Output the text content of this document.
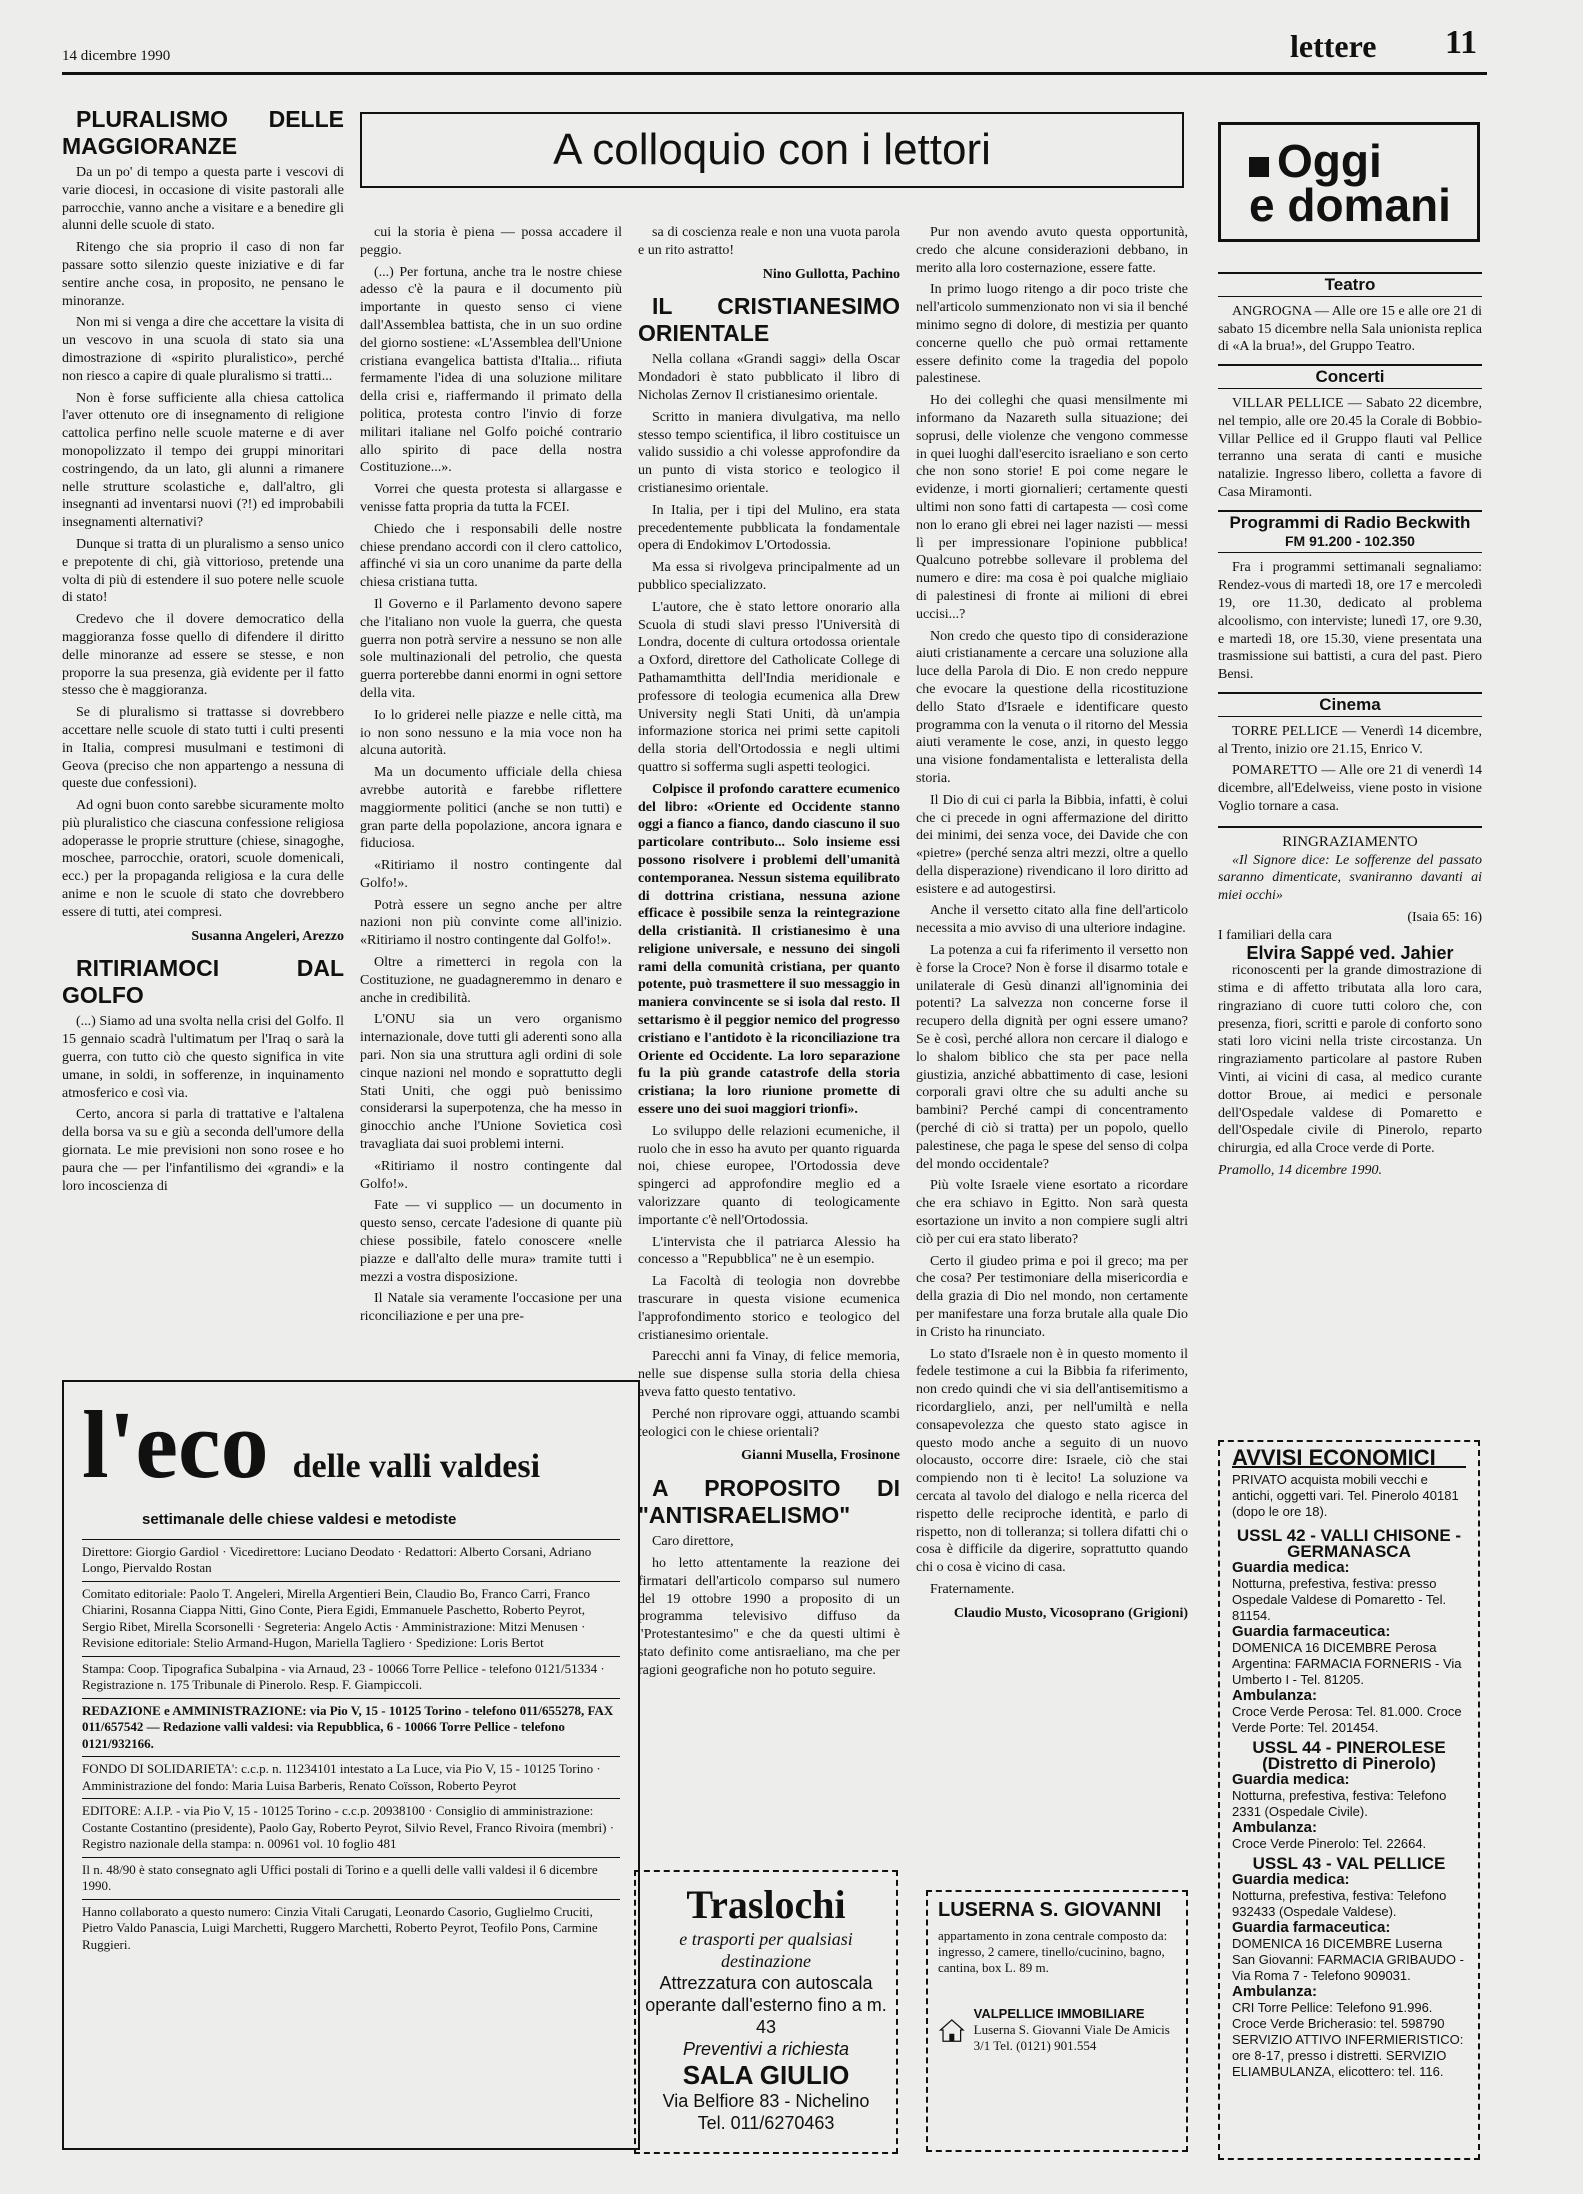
14 dicembre 1990	lettere 11
A colloquio con i lettori

PLURALISMO DELLE MAGGIORANZE

Da un po' di tempo a questa parte i vescovi di varie diocesi, in occasione di visite pastorali alle parrocchie, vanno anche a visitare e a benedire gli alunni delle scuole di stato.

Ritengo che sia proprio il caso di non far passare sotto silenzio queste iniziative e di far sentire anche cosa, in proposito, ne pensano le minoranze.

Non mi si venga a dire che accettare la visita di un vescovo in una scuola di stato sia una dimostrazione di «spirito pluralistico», perché non riesco a capire di quale pluralismo si tratti...

Non è forse sufficiente alla chiesa cattolica l'aver ottenuto ore di insegnamento di religione cattolica perfino nelle scuole materne e di aver monopolizzato il tempo dei gruppi minoritari costringendo, da un lato, gli alunni a rimanere nelle strutture scolastiche e, dall'altro, gli insegnanti ad inventarsi nuovi (?!) ed improbabili insegnamenti alternativi?

Dunque si tratta di un pluralismo a senso unico e prepotente di chi, già vittorioso, pretende una volta di più di estendere il suo potere nelle scuole di stato!

Credevo che il dovere democratico della maggioranza fosse quello di difendere il diritto delle minoranze ad essere se stesse, e non proporre la sua presenza, già evidente per il fatto stesso che è maggioranza.

Se di pluralismo si trattasse si dovrebbero accettare nelle scuole di stato tutti i culti presenti in Italia, compresi musulmani e testimoni di Geova (preciso che non appartengo a nessuna di queste due confessioni).

Ad ogni buon conto sarebbe sicuramente molto più pluralistico che ciascuna confessione religiosa adoperasse le proprie strutture (chiese, sinagoghe, moschee, parrocchie, oratori, scuole domenicali, ecc.) per la propaganda religiosa e la cura delle anime e non le scuole di stato che dovrebbero essere di tutti, atei compresi.

Susanna Angeleri, Arezzo

RITIRIAMOCI DAL GOLFO

(...) Siamo ad una svolta nella crisi del Golfo. Il 15 gennaio scadrà l'ultimatum per l'Iraq o sarà la guerra, con tutto ciò che questo significa in vite umane, in soldi, in sofferenze, in inquinamento atmosferico e così via.

Certo, ancora si parla di trattative e l'altalena della borsa va su e giù a seconda dell'umore della giornata. Le mie previsioni non sono rosee e ho paura che — per l'infantilismo dei «grandi» e la loro incoscienza di

cui la storia è piena — possa accadere il peggio.

(...) Per fortuna, anche tra le nostre chiese adesso c'è la paura e il documento più importante in questo senso ci viene dall'Assemblea battista, che in un suo ordine del giorno sostiene: «L'Assemblea dell'Unione cristiana evangelica battista d'Italia... rifiuta fermamente l'idea di una soluzione militare della crisi e, riaffermando il primato della politica, protesta contro l'invio di forze militari italiane nel Golfo poiché contrario allo spirito di pace della nostra Costituzione...».

Vorrei che questa protesta si allargasse e venisse fatta propria da tutta la FCEI.

Chiedo che i responsabili delle nostre chiese prendano accordi con il clero cattolico, affinché vi sia un coro unanime da parte della chiesa cristiana tutta.

Il Governo e il Parlamento devono sapere che l'italiano non vuole la guerra, che questa guerra non potrà servire a nessuno se non alle sole multinazionali del petrolio, che questa guerra porterebbe danni enormi in ogni settore della vita.

Io lo griderei nelle piazze e nelle città, ma io non sono nessuno e la mia voce non ha alcuna autorità.

Ma un documento ufficiale della chiesa avrebbe autorità e farebbe riflettere maggiormente politici (anche se non tutti) e gran parte della popolazione, ancora ignara e fiduciosa.

«Ritiriamo il nostro contingente dal Golfo!».

Potrà essere un segno anche per altre nazioni non più convinte come all'inizio. «Ritiriamo il nostro contingente dal Golfo!».

Oltre a rimetterci in regola con la Costituzione, ne guadagneremmo in denaro e anche in credibilità.

L'ONU sia un vero organismo internazionale, dove tutti gli aderenti sono alla pari. Non sia una struttura agli ordini di sole cinque nazioni nel mondo e soprattutto degli Stati Uniti, che oggi può benissimo considerarsi la superpotenza, che ha messo in ginocchio anche l'Unione Sovietica così travagliata dai suoi problemi interni.

«Ritiriamo il nostro contingente dal Golfo!».

Fate — vi supplico — un documento in questo senso, cercate l'adesione di quante più chiese possibile, fatelo conoscere «nelle piazze e dall'alto delle mura» tramite tutti i mezzi a vostra disposizione.

Il Natale sia veramente l'occasione per una riconciliazione e per una pre-

sa di coscienza reale e non una vuota parola e un rito astratto!

Nino Gullotta, Pachino

IL CRISTIANESIMO ORIENTALE

Nella collana «Grandi saggi» della Oscar Mondadori è stato pubblicato il libro di Nicholas Zernov Il cristianesimo orientale.

Scritto in maniera divulgativa, ma nello stesso tempo scientifica, il libro costituisce un valido sussidio a chi volesse approfondire da un punto di vista storico e teologico il cristianesimo orientale.

In Italia, per i tipi del Mulino, era stata precedentemente pubblicata la fondamentale opera di Endokimov L'Ortodossia.

Ma essa si rivolgeva principalmente ad un pubblico specializzato.

L'autore, che è stato lettore onorario alla Scuola di studi slavi presso l'Università di Londra, docente di cultura ortodossa orientale a Oxford, direttore del Catholicate College di Pathamamthitta dell'India meridionale e professore di teologia ecumenica alla Drew University negli Stati Uniti, dà un'ampia informazione storica nei primi sette capitoli della storia dell'Ortodossia e negli ultimi quattro si sofferma sugli aspetti teologici.

Colpisce il profondo carattere ecumenico del libro: «Oriente ed Occidente stanno oggi a fianco a fianco, dando ciascuno il suo particolare contributo... Solo insieme essi possono risolvere i problemi dell'umanità contemporanea. Nessun sistema equilibrato di dottrina cristiana, nessuna azione efficace è possibile senza la reintegrazione della cristianità. Il cristianesimo è una religione universale, e nessuno dei singoli rami della comunità cristiana, per quanto potente, può trasmettere il suo messaggio in maniera convincente se si isola dal resto. Il settarismo è il peggior nemico del progresso cristiano e l'antidoto è la riconciliazione tra Oriente ed Occidente. La loro separazione fu la più grande catastrofe della storia cristiana; la loro riunione promette di essere uno dei suoi maggiori trionfi».

Lo sviluppo delle relazioni ecumeniche, il ruolo che in esso ha avuto per quanto riguarda noi, chiese europee, l'Ortodossia deve spingerci ad approfondire meglio ed a valorizzare quanto di teologicamente importante c'è nell'Ortodossia.

L'intervista che il patriarca Alessio ha concesso a "Repubblica" ne è un esempio.

La Facoltà di teologia non dovrebbe trascurare in questa visione ecumenica l'approfondimento storico e teologico del cristianesimo orientale.

Parecchi anni fa Vinay, di felice memoria, nelle sue dispense sulla storia della chiesa aveva fatto questo tentativo.

Perché non riprovare oggi, attuando scambi teologici con le chiese orientali?

Gianni Musella, Frosinone

A PROPOSITO DI "ANTISRAELISMO"

Caro direttore,

ho letto attentamente la reazione dei firmatari dell'articolo comparso sul numero del 19 ottobre 1990 a proposito di un programma televisivo diffuso da "Protestantesimo" e che da questi ultimi è stato definito come antisraeliano, ma che per ragioni geografiche non ho potuto seguire.

Pur non avendo avuto questa opportunità, credo che alcune considerazioni debbano, in merito alla loro costernazione, essere fatte.

In primo luogo ritengo a dir poco triste che nell'articolo summenzionato non vi sia il benché minimo segno di dolore, di mestizia per quanto concerne quello che può ormai rettamente essere definito come la tragedia del popolo palestinese.

Ho dei colleghi che quasi mensilmente mi informano da Nazareth sulla situazione; dei soprusi, delle violenze che vengono commesse in quei luoghi dall'esercito israeliano e son certo che non sono storie! E poi come negare le evidenze, i morti giornalieri; certamente questi ultimi non sono fatti di cartapesta — così come non lo erano gli ebrei nei lager nazisti — messi lì per impressionare l'opinione pubblica! Qualcuno potrebbe sollevare il problema del numero e dire: ma cosa è poi qualche migliaio di palestinesi di fronte ai milioni di ebrei uccisi...?

Non credo che questo tipo di considerazione aiuti cristianamente a cercare una soluzione alla luce della Parola di Dio. E non credo neppure che evocare la questione della ricostituzione dello Stato d'Israele e identificare questo programma con la venuta o il ritorno del Messia aiuti veramente le cose, anzi, in questo leggo una visione fondamentalista e letteralista della storia.

Il Dio di cui ci parla la Bibbia, infatti, è colui che ci precede in ogni affermazione del diritto dei minimi, dei senza voce, dei Davide che con «pietre» (perché senza altri mezzi, oltre a quello della disperazione) rivendicano il loro diritto ad esistere e ad autogestirsi.

Anche il versetto citato alla fine dell'articolo necessita a mio avviso di una ulteriore indagine.

La potenza a cui fa riferimento il versetto non è forse la Croce? Non è forse il disarmo totale e unilaterale di Gesù dinanzi all'ignominia dei potenti? La salvezza non concerne forse il recupero della dignità per ogni essere umano? Se è così, perché allora non cercare il dialogo e lo shalom biblico che sta per pace nella giustizia, anziché abbattimento di case, lesioni corporali gravi oltre che su adulti anche su bambini? Perché campi di concentramento (perché di ciò si tratta) per un popolo, quello palestinese, che paga le spese del senso di colpa del mondo occidentale?

Più volte Israele viene esortato a ricordare che era schiavo in Egitto. Non sarà questa esortazione un invito a non compiere sugli altri ciò per cui era stato liberato?

Certo il giudeo prima e poi il greco; ma per che cosa? Per testimoniare della misericordia e della grazia di Dio nel mondo, non certamente per manifestare una forza brutale alla quale Dio in Cristo ha rinunciato.

Lo stato d'Israele non è in questo momento il fedele testimone a cui la Bibbia fa riferimento, non credo quindi che vi sia dell'antisemitismo a ricordarglielo, anzi, per nell'umiltà e nella consapevolezza che questo stato agisce in questo modo anche a seguito di un nuovo olocausto, occorre dire: Israele, ciò che stai compiendo non ti è lecito! La soluzione va cercata al tavolo del dialogo e nella ricerca del rispetto delle reciproche identità, e parlo di rispetto, non di tolleranza; si tollera difatti chi o cosa è difficile da digerire, soprattutto quando chi o cosa è vicino di casa.

Fraternamente.

Claudio Musto, Vicosoprano (Grigioni)
Oggi
e domani
Teatro

ANGROGNA — Alle ore 15 e alle ore 21 di sabato 15 dicembre nella Sala unionista replica di «A la brua!», del Gruppo Teatro.

Concerti

VILLAR PELLICE — Sabato 22 dicembre, nel tempio, alle ore 20.45 la Corale di Bobbio-Villar Pellice ed il Gruppo flauti val Pellice terranno una serata di canti e musiche natalizie. Ingresso libero, colletta a favore di Casa Miramonti.

Programmi di Radio Beckwith
FM 91.200 - 102.350

Fra i programmi settimanali segnaliamo: Rendez-vous di martedì 18, ore 17 e mercoledì 19, ore 11.30, dedicato al problema alcoolismo, con interviste; lunedì 17, ore 9.30, e martedì 18, ore 15.30, viene presentata una trasmissione sui battisti, a cura del past. Piero Bensi.

Cinema

TORRE PELLICE — Venerdì 14 dicembre, al Trento, inizio ore 21.15, Enrico V.

POMARETTO — Alle ore 21 di venerdì 14 dicembre, all'Edelweiss, viene posto in visione Voglio tornare a casa.

RINGRAZIAMENTO

«Il Signore dice: Le sofferenze del passato saranno dimenticate, svaniranno davanti ai miei occhi»

(Isaia 65: 16)
I familiari della cara
Elvira Sappé ved. Jahier

riconoscenti per la grande dimostrazione di stima e di affetto tributata alla loro cara, ringraziano di cuore tutti coloro che, con presenza, fiori, scritti e parole di conforto sono stati loro vicini nella triste circostanza. Un ringraziamento particolare al pastore Ruben Vinti, ai vicini di casa, al medico curante dottor Broue, ai medici e personale dell'Ospedale valdese di Pomaretto e dell'Ospedale civile di Pinerolo, reparto chirurgia, ed alla Croce verde di Porte.

Pramollo, 14 dicembre 1990.
AVVISI ECONOMICI
PRIVATO acquista mobili vecchi e antichi, oggetti vari. Tel. Pinerolo 40181 (dopo le ore 18).
USSL 42 - VALLI CHISONE - GERMANASCA
Guardia medica:
Notturna, prefestiva, festiva: presso Ospedale Valdese di Pomaretto - Tel. 81154.
Guardia farmaceutica:
DOMENICA 16 DICEMBRE Perosa Argentina: FARMACIA FORNERIS - Via Umberto I - Tel. 81205.
Ambulanza:
Croce Verde Perosa: Tel. 81.000. Croce Verde Porte: Tel. 201454.
USSL 44 - PINEROLESE (Distretto di Pinerolo)
Guardia medica:
Notturna, prefestiva, festiva: Telefono 2331 (Ospedale Civile).
Ambulanza:
Croce Verde Pinerolo: Tel. 22664.
USSL 43 - VAL PELLICE
Guardia medica:
Notturna, prefestiva, festiva: Telefono 932433 (Ospedale Valdese).
Guardia farmaceutica:
DOMENICA 16 DICEMBRE Luserna San Giovanni: FARMACIA GRIBAUDO - Via Roma 7 - Telefono 909031.
Ambulanza:
CRI Torre Pellice: Telefono 91.996. Croce Verde Bricherasio: tel. 598790 SERVIZIO ATTIVO INFERMIERISTICO: ore 8-17, presso i distretti. SERVIZIO ELIAMBULANZA, elicottero: tel. 116.
l'eco delle valli valdesi
settimanale delle chiese valdesi e metodiste
Direttore: Giorgio Gardiol · Vicedirettore: Luciano Deodato · Redattori: Alberto Corsani, Adriano Longo, Piervaldo Rostan
Comitato editoriale: Paolo T. Angeleri, Mirella Argentieri Bein, Claudio Bo, Franco Carri, Franco Chiarini, Rosanna Ciappa Nitti, Gino Conte, Piera Egidi, Emmanuele Paschetto, Roberto Peyrot, Sergio Ribet, Mirella Scorsonelli · Segreteria: Angelo Actis · Amministrazione: Mitzi Menusen · Revisione editoriale: Stelio Armand-Hugon, Mariella Tagliero · Spedizione: Loris Bertot
Stampa: Coop. Tipografica Subalpina - via Arnaud, 23 - 10066 Torre Pellice - telefono 0121/51334 · Registrazione n. 175 Tribunale di Pinerolo. Resp. F. Giampiccoli.
REDAZIONE e AMMINISTRAZIONE: via Pio V, 15 - 10125 Torino - telefono 011/655278, FAX 011/657542 — Redazione valli valdesi: via Repubblica, 6 - 10066 Torre Pellice - telefono 0121/932166.
FONDO DI SOLIDARIETA': c.c.p. n. 11234101 intestato a La Luce, via Pio V, 15 - 10125 Torino · Amministrazione del fondo: Maria Luisa Barberis, Renato Coïsson, Roberto Peyrot
EDITORE: A.I.P. - via Pio V, 15 - 10125 Torino - c.c.p. 20938100 · Consiglio di amministrazione: Costante Costantino (presidente), Paolo Gay, Roberto Peyrot, Silvio Revel, Franco Rivoira (membri) · Registro nazionale della stampa: n. 00961 vol. 10 foglio 481
Il n. 48/90 è stato consegnato agli Uffici postali di Torino e a quelli delle valli valdesi il 6 dicembre 1990.
Hanno collaborato a questo numero: Cinzia Vitali Carugati, Leonardo Casorio, Guglielmo Cruciti, Pietro Valdo Panascia, Luigi Marchetti, Ruggero Marchetti, Roberto Peyrot, Teofilo Pons, Carmine Ruggieri.
Traslochi
e trasporti per qualsiasi destinazione
Attrezzatura con autoscala operante dall'esterno fino a m. 43
Preventivi a richiesta
SALA GIULIO
Via Belfiore 83 - Nichelino
Tel. 011/6270463
LUSERNA S. GIOVANNI
appartamento in zona centrale composto da: ingresso, 2 camere, tinello/cucinino, bagno, cantina, box L. 89 m.
VALPELLICE IMMOBILIARE
Luserna S. Giovanni Viale De Amicis 3/1 Tel. (0121) 901.554
